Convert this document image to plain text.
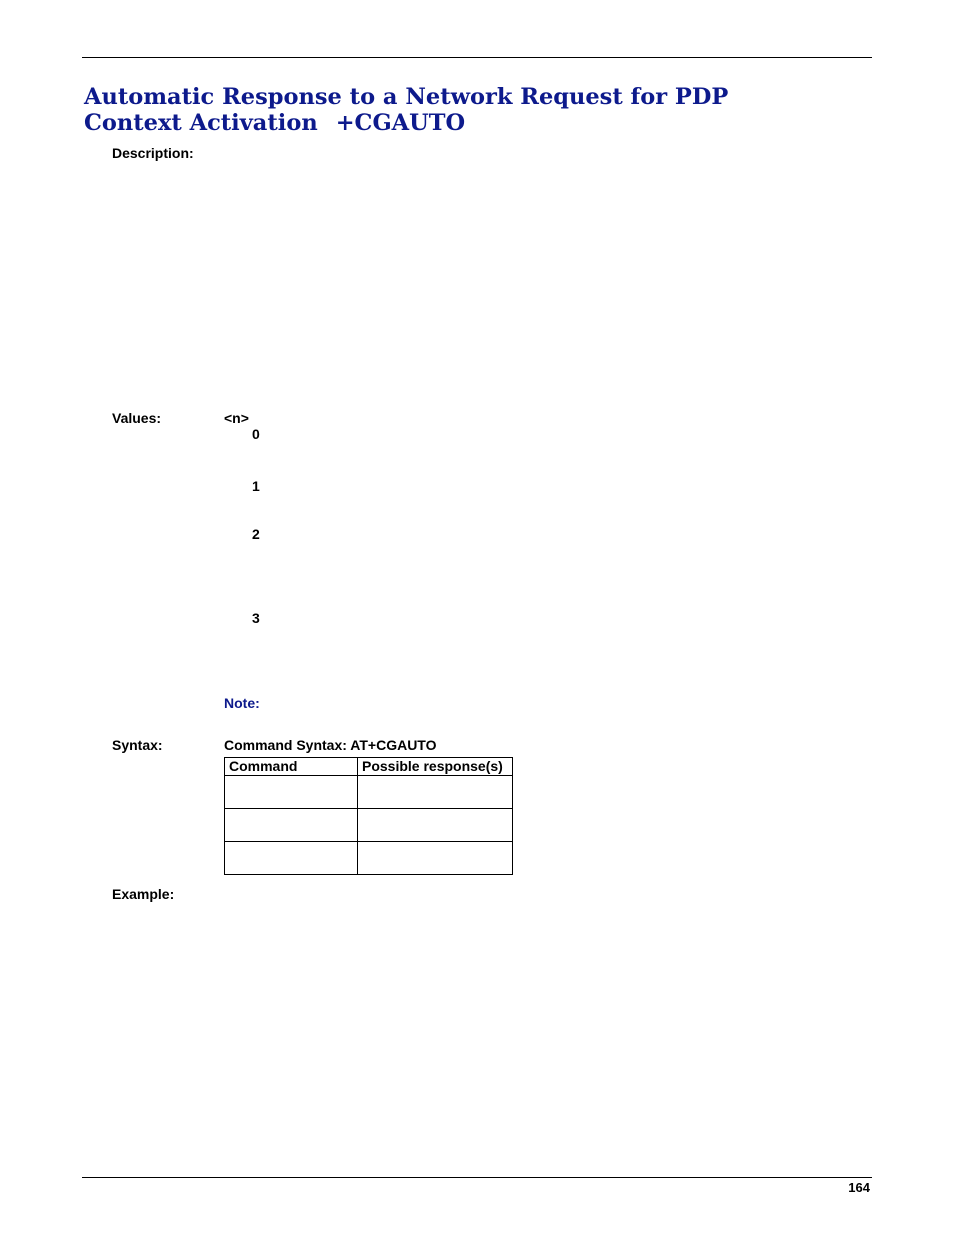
Automatic Response to a Network Request for PDP
Context Activation +CGAUTO
Description:
Values:	<n>
0
1
2
3
Note:
Syntax:	Command Syntax: AT+CGAUTO
Command	Possible response(s)

Example:
164
